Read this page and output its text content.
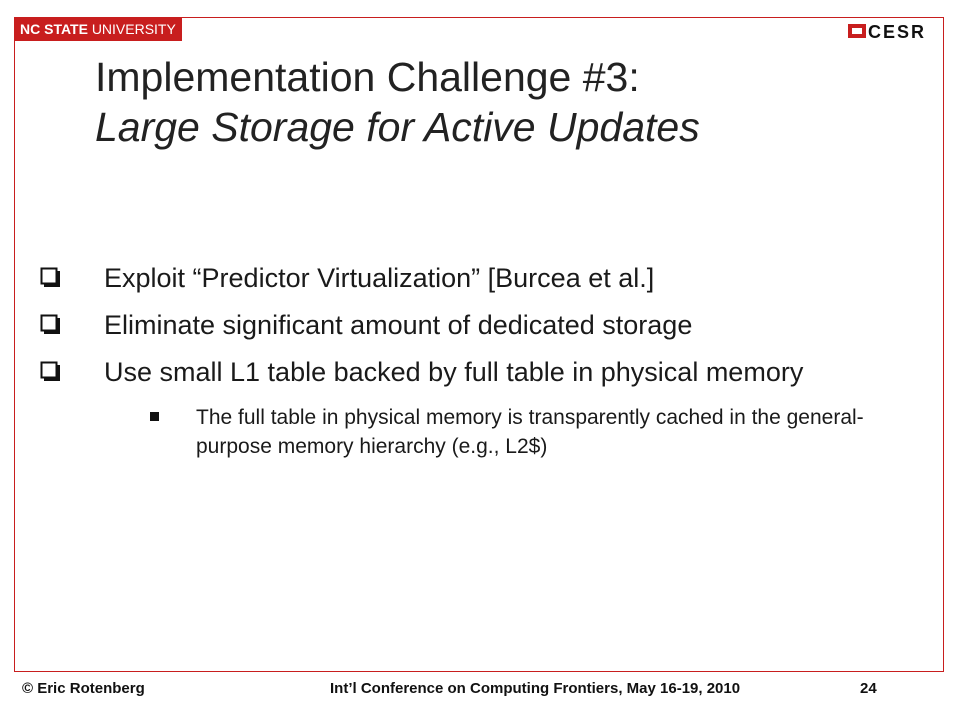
NC STATE UNIVERSITY	CESR
Implementation Challenge #3:
Large Storage for Active Updates
Exploit “Predictor Virtualization” [Burcea et al.]
Eliminate significant amount of dedicated storage
Use small L1 table backed by full table in physical memory
The full table in physical memory is transparently cached in the general-purpose memory hierarchy (e.g., L2$)
© Eric Rotenberg	Int’l Conference on Computing Frontiers, May 16-19, 2010	24
